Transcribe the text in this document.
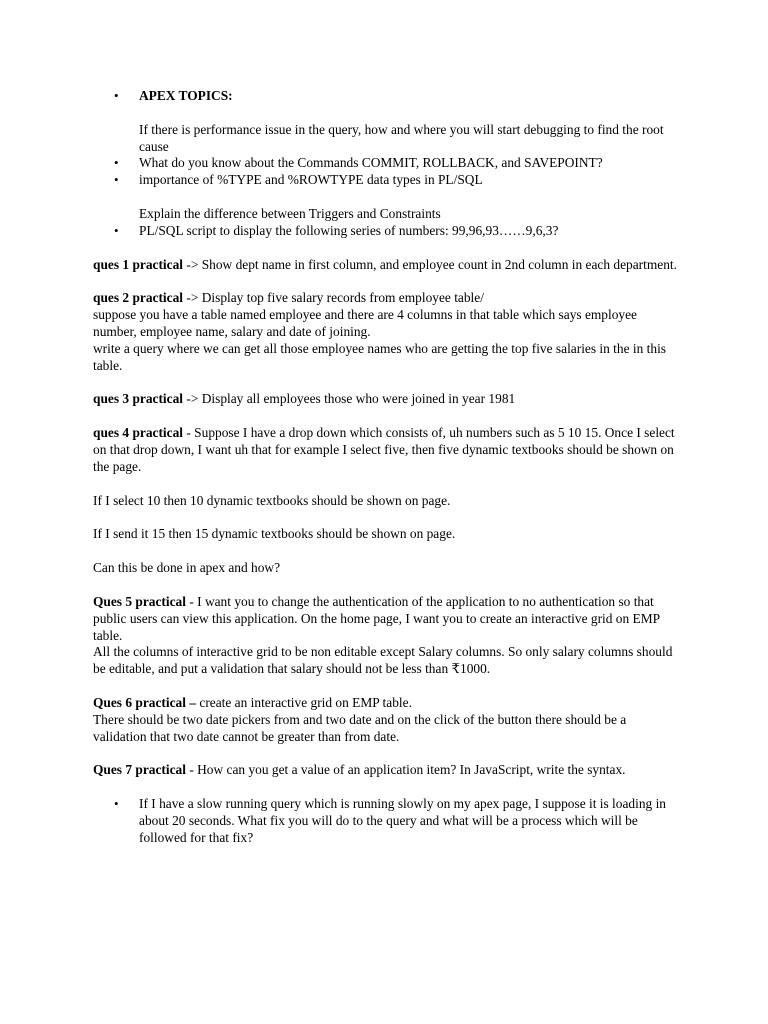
• APEX TOPICS:
If there is performance issue in the query, how and where you will start debugging to find the root cause
• What do you know about the Commands COMMIT, ROLLBACK, and SAVEPOINT?
• importance of %TYPE and %ROWTYPE data types in PL/SQL
Explain the difference between Triggers and Constraints
• PL/SQL script to display the following series of numbers: 99,96,93……9,6,3?

ques 1 practical -> Show dept name in first column, and employee count in 2nd column in each department.

ques 2 practical -> Display top five salary records from employee table/

suppose you have a table named employee and there are 4 columns in that table which says employee number, employee name, salary and date of joining.

write a query where we can get all those employee names who are getting the top five salaries in the in this table.

ques 3 practical -> Display all employees those who were joined in year 1981

ques 4 practical - Suppose I have a drop down which consists of, uh numbers such as 5 10 15. Once I select on that drop down, I want uh that for example I select five, then five dynamic textbooks should be shown on the page.

If I select 10 then 10 dynamic textbooks should be shown on page.

If I send it 15 then 15 dynamic textbooks should be shown on page.

Can this be done in apex and how?

Ques 5 practical - I want you to change the authentication of the application to no authentication so that public users can view this application. On the home page, I want you to create an interactive grid on EMP table.

All the columns of interactive grid to be non editable except Salary columns. So only salary columns should be editable, and put a validation that salary should not be less than ₹1000.

Ques 6 practical – create an interactive grid on EMP table.

There should be two date pickers from and two date and on the click of the button there should be a validation that two date cannot be greater than from date.

Ques 7 practical - How can you get a value of an application item? In JavaScript, write the syntax.

• If I have a slow running query which is running slowly on my apex page, I suppose it is loading in about 20 seconds. What fix you will do to the query and what will be a process which will be followed for that fix?
